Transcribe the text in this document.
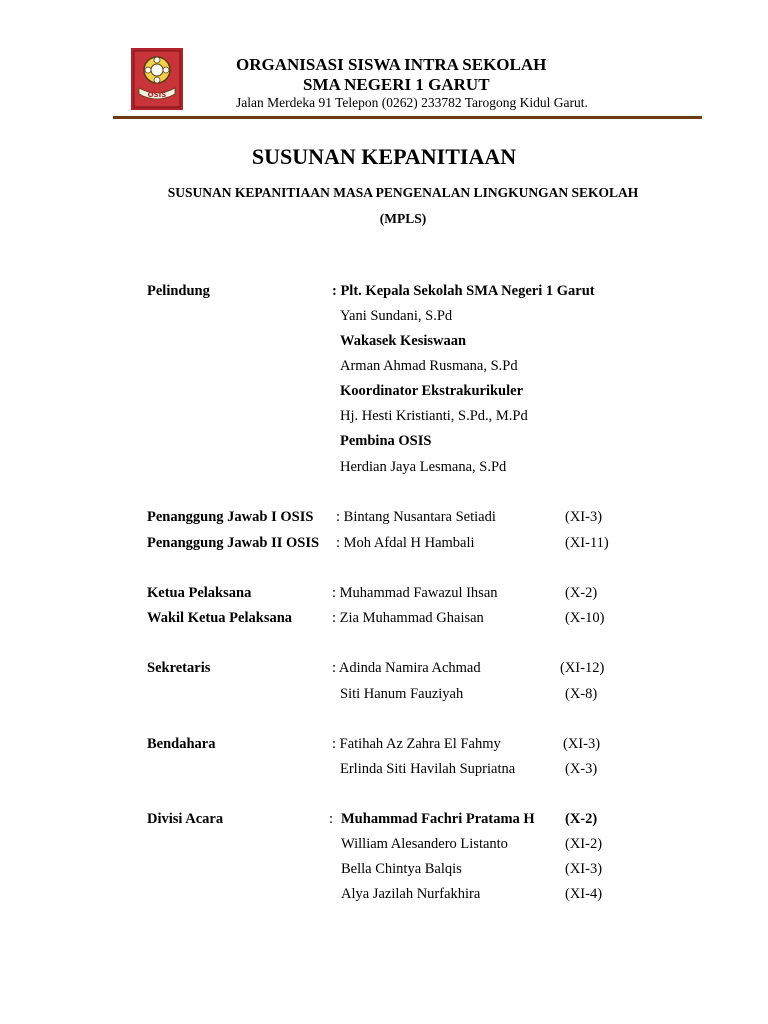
OSIS
ORGANISASI SISWA INTRA SEKOLAH
SMA NEGERI 1 GARUT
Jalan Merdeka 91 Telepon (0262) 233782 Tarogong Kidul Garut.
SUSUNAN KEPANITIAAN
SUSUNAN KEPANITIAAN MASA PENGENALAN LINGKUNGAN SEKOLAH
(MPLS)
Pelindung	: Plt. Kepala Sekolah SMA Negeri 1 Garut
Yani Sundani, S.Pd
Wakasek Kesiswaan
Arman Ahmad Rusmana, S.Pd
Koordinator Ekstrakurikuler
Hj. Hesti Kristianti, S.Pd., M.Pd
Pembina OSIS
Herdian Jaya Lesmana, S.Pd
Penanggung Jawab I OSIS : Bintang Nusantara Setiadi	(XI-3)
Penanggung Jawab II OSIS : Moh Afdal H Hambali	(XI-11)
Ketua Pelaksana	: Muhammad Fawazul Ihsan	(X-2)
Wakil Ketua Pelaksana	: Zia Muhammad Ghaisan	(X-10)
Sekretaris	: Adinda Namira Achmad	(XI-12)
Siti Hanum Fauziyah	(X-8)
Bendahara	: Fatihah Az Zahra El Fahmy	(XI-3)
Erlinda Siti Havilah Supriatna	(X-3)
Divisi Acara	: Muhammad Fachri Pratama H (X-2)
William Alesandero Listanto	(XI-2)
Bella Chintya Balqis	(XI-3)
Alya Jazilah Nurfakhira	(XI-4)
